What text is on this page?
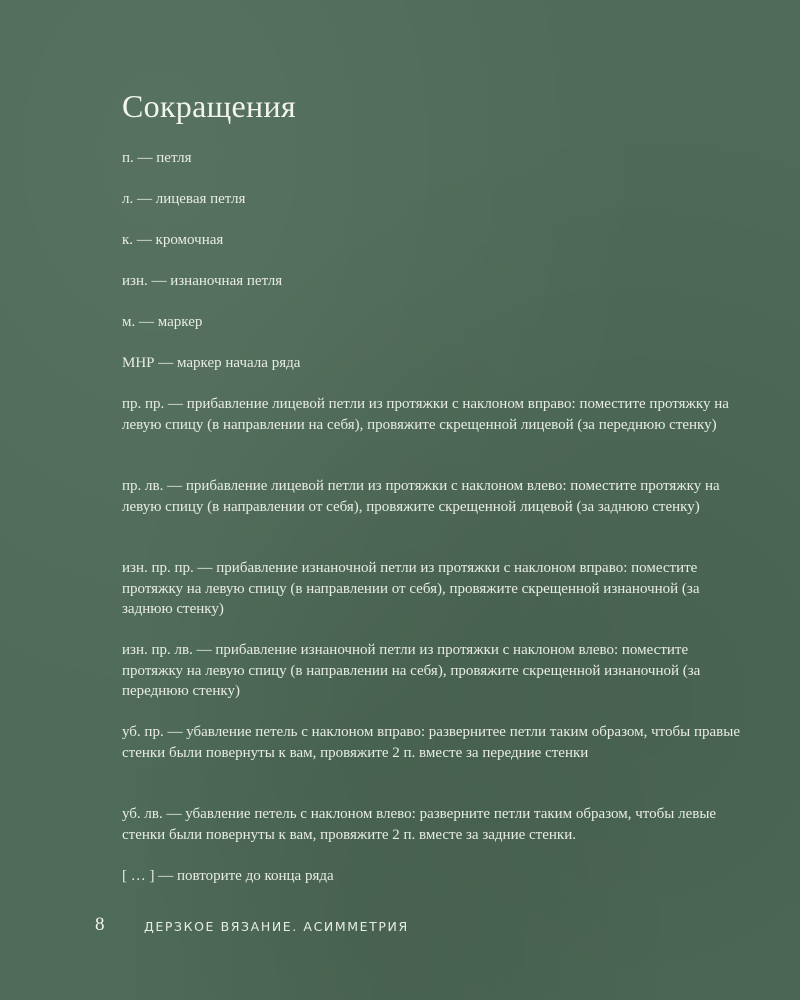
Сокращения

п. — петля

л. — лицевая петля

к. — кромочная

изн. — изнаночная петля

м. — маркер

МНР — маркер начала ряда

пр. пр. — прибавление лицевой петли из протяжки с наклоном вправо: поместите протяжку на левую спицу (в направлении на себя), провяжите скрещенной лицевой (за переднюю стенку)

пр. лв. — прибавление лицевой петли из протяжки с наклоном влево: поместите протяжку на левую спицу (в направлении от себя), провяжите скрещенной лицевой (за заднюю стенку)

изн. пр. пр. — прибавление изнаночной петли из протяжки с наклоном вправо: поместите протяжку на левую спицу (в направлении от себя), провяжите скрещенной изнаночной (за заднюю стенку)

изн. пр. лв. — прибавление изнаночной петли из протяжки с наклоном влево: поместите протяжку на левую спицу (в направлении на себя), провяжите скрещенной изнаночной (за переднюю стенку)

уб. пр. — убавление петель с наклоном вправо: развернитее петли таким образом, чтобы правые стенки были повернуты к вам, провяжите 2 п. вместе за передние стенки

уб. лв. — убавление петель с наклоном влево: разверните петли таким образом, чтобы левые стенки были повернуты к вам, провяжите 2 п. вместе за задние стенки.

[ … ] — повторите до конца ряда

8	ДЕРЗКОЕ ВЯЗАНИЕ. АСИММЕТРИЯ
